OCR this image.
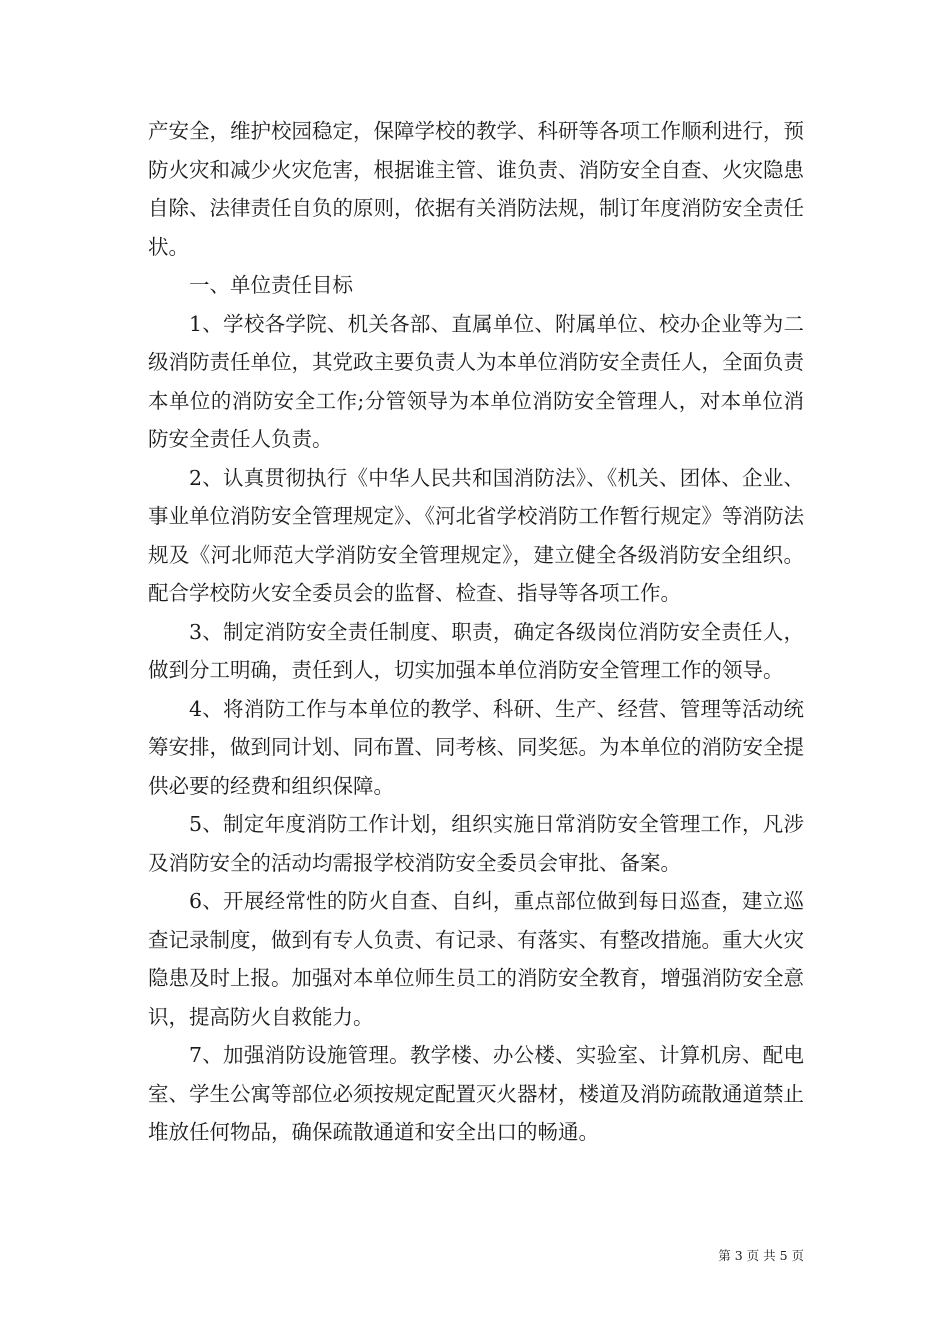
产安全，维护校园稳定，保障学校的教学、科研等各项工作顺利进行，预防火灾和减少火灾危害，根据谁主管、谁负责、消防安全自查、火灾隐患自除、法律责任自负的原则，依据有关消防法规，制订年度消防安全责任状。

一、单位责任目标

1、学校各学院、机关各部、直属单位、附属单位、校办企业等为二级消防责任单位，其党政主要负责人为本单位消防安全责任人，全面负责本单位的消防安全工作;分管领导为本单位消防安全管理人，对本单位消防安全责任人负责。

2、认真贯彻执行《中华人民共和国消防法》、《机关、团体、企业、事业单位消防安全管理规定》、《河北省学校消防工作暂行规定》等消防法规及《河北师范大学消防安全管理规定》，建立健全各级消防安全组织。配合学校防火安全委员会的监督、检查、指导等各项工作。

3、制定消防安全责任制度、职责，确定各级岗位消防安全责任人，做到分工明确，责任到人，切实加强本单位消防安全管理工作的领导。

4、将消防工作与本单位的教学、科研、生产、经营、管理等活动统筹安排，做到同计划、同布置、同考核、同奖惩。为本单位的消防安全提供必要的经费和组织保障。

5、制定年度消防工作计划，组织实施日常消防安全管理工作，凡涉及消防安全的活动均需报学校消防安全委员会审批、备案。

6、开展经常性的防火自查、自纠，重点部位做到每日巡查，建立巡查记录制度，做到有专人负责、有记录、有落实、有整改措施。重大火灾隐患及时上报。加强对本单位师生员工的消防安全教育，增强消防安全意识，提高防火自救能力。

7、加强消防设施管理。教学楼、办公楼、实验室、计算机房、配电室、学生公寓等部位必须按规定配置灭火器材，楼道及消防疏散通道禁止堆放任何物品，确保疏散通道和安全出口的畅通。

第 3 页 共 5 页
